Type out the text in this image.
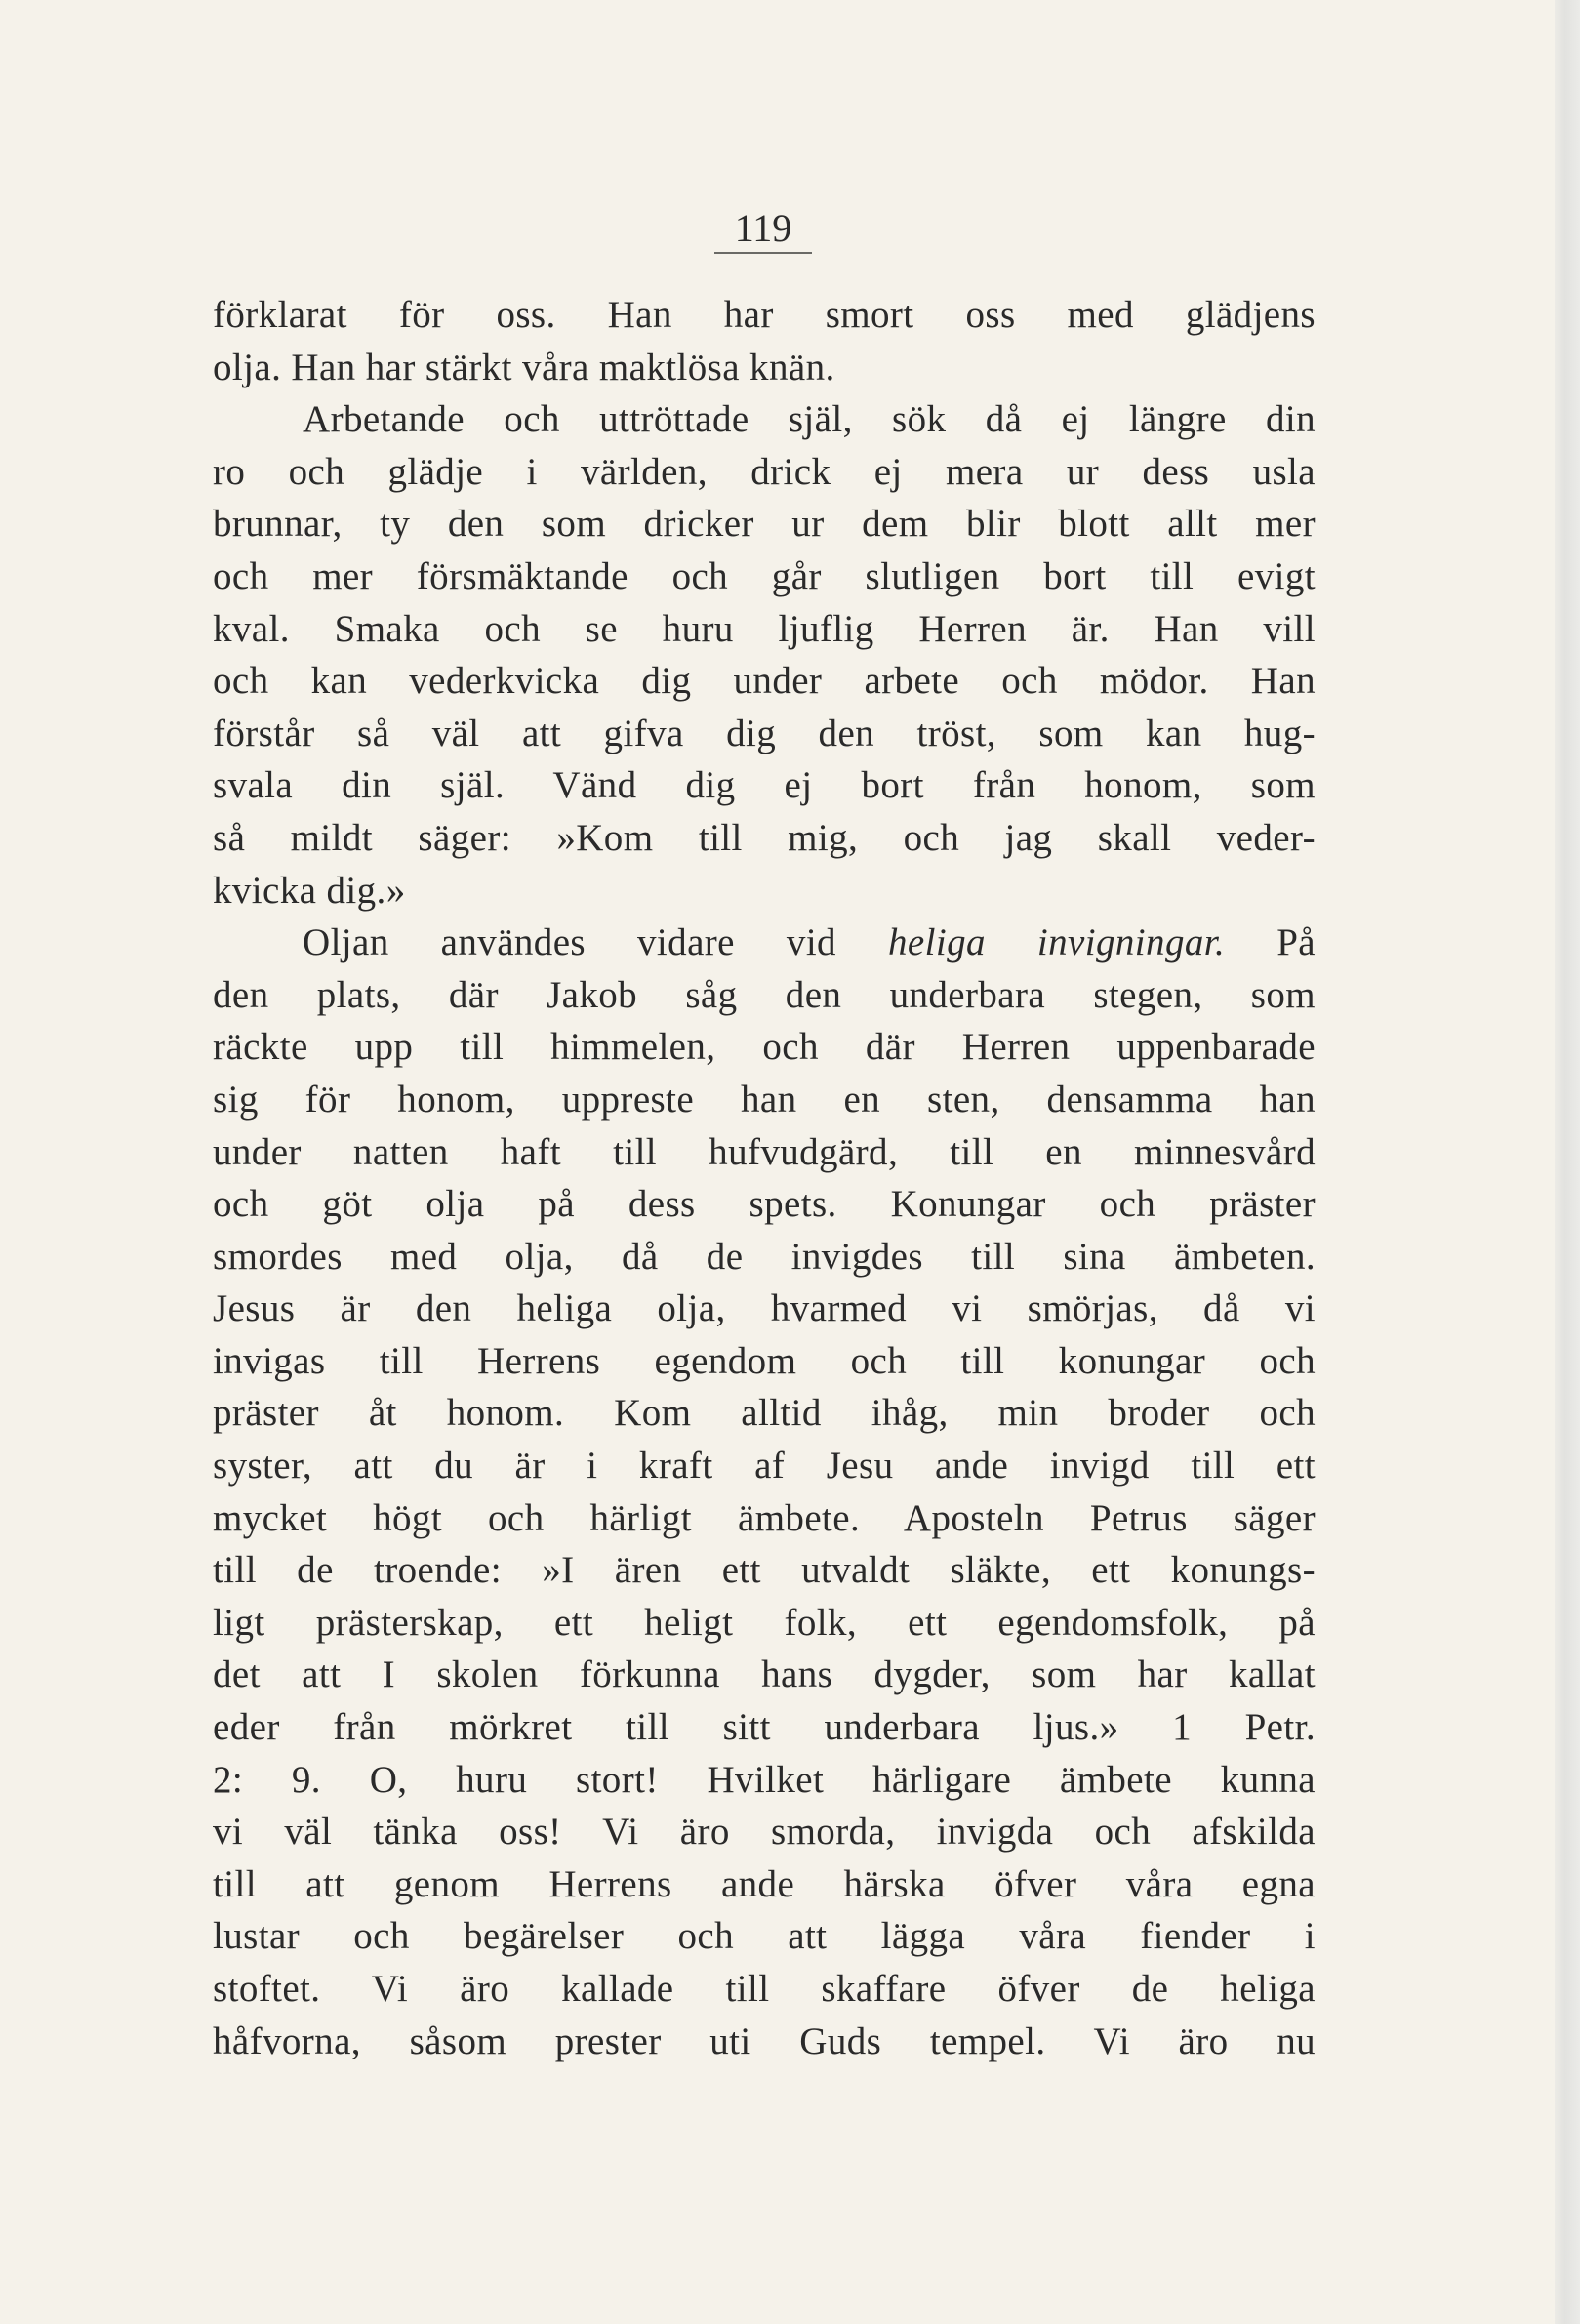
119
förklarat för oss. Han har smort oss med glädjens
olja. Han har stärkt våra maktlösa knän.
Arbetande och uttröttade själ, sök då ej längre din
ro och glädje i världen, drick ej mera ur dess usla
brunnar, ty den som dricker ur dem blir blott allt mer
och mer försmäktande och går slutligen bort till evigt
kval. Smaka och se huru ljuflig Herren är. Han vill
och kan vederkvicka dig under arbete och mödor. Han
förstår så väl att gifva dig den tröst, som kan hug-
svala din själ. Vänd dig ej bort från honom, som
så mildt säger: »Kom till mig, och jag skall veder-
kvicka dig.»
Oljan användes vidare vid heliga invigningar. På
den plats, där Jakob såg den underbara stegen, som
räckte upp till himmelen, och där Herren uppenbarade
sig för honom, uppreste han en sten, densamma han
under natten haft till hufvudgärd, till en minnesvård
och göt olja på dess spets. Konungar och präster
smordes med olja, då de invigdes till sina ämbeten.
Jesus är den heliga olja, hvarmed vi smörjas, då vi
invigas till Herrens egendom och till konungar och
präster åt honom. Kom alltid ihåg, min broder och
syster, att du är i kraft af Jesu ande invigd till ett
mycket högt och härligt ämbete. Aposteln Petrus säger
till de troende: »I ären ett utvaldt släkte, ett konungs-
ligt prästerskap, ett heligt folk, ett egendomsfolk, på
det att I skolen förkunna hans dygder, som har kallat
eder från mörkret till sitt underbara ljus.» 1 Petr.
2: 9. O, huru stort! Hvilket härligare ämbete kunna
vi väl tänka oss! Vi äro smorda, invigda och afskilda
till att genom Herrens ande härska öfver våra egna
lustar och begärelser och att lägga våra fiender i
stoftet. Vi äro kallade till skaffare öfver de heliga
håfvorna, såsom prester uti Guds tempel. Vi äro nu
